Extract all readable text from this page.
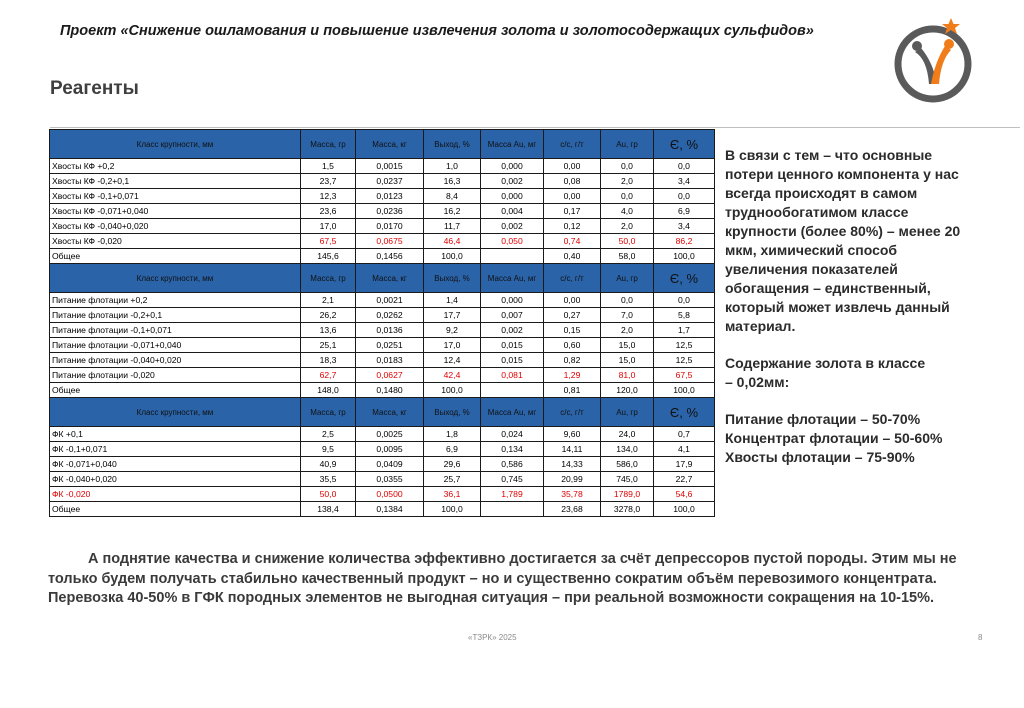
Проект «Снижение ошламования и повышение извлечения золота и золотосодержащих сульфидов»
Реагенты
Класс крупности, мм	Масса, гр	Масса, кг	Выход, %	Масса Au, мг	с/с, г/т	Au, гр	Є, %
Хвосты КФ +0,2	1,5	0,0015	1,0	0,000	0,00	0,0	0,0
Хвосты КФ -0,2+0,1	23,7	0,0237	16,3	0,002	0,08	2,0	3,4
Хвосты КФ -0,1+0,071	12,3	0,0123	8,4	0,000	0,00	0,0	0,0
Хвосты КФ -0,071+0,040	23,6	0,0236	16,2	0,004	0,17	4,0	6,9
Хвосты КФ -0,040+0,020	17,0	0,0170	11,7	0,002	0,12	2,0	3,4
Хвосты КФ -0,020	67,5	0,0675	46,4	0,050	0,74	50,0	86,2
Общее	145,6	0,1456	100,0		0,40	58,0	100,0
Класс крупности, мм	Масса, гр	Масса, кг	Выход, %	Масса Au, мг	с/с, г/т	Au, гр	Є, %
Питание флотации +0,2	2,1	0,0021	1,4	0,000	0,00	0,0	0,0
Питание флотации -0,2+0,1	26,2	0,0262	17,7	0,007	0,27	7,0	5,8
Питание флотации -0,1+0,071	13,6	0,0136	9,2	0,002	0,15	2,0	1,7
Питание флотации -0,071+0,040	25,1	0,0251	17,0	0,015	0,60	15,0	12,5
Питание флотации -0,040+0,020	18,3	0,0183	12,4	0,015	0,82	15,0	12,5
Питание флотации -0,020	62,7	0,0627	42,4	0,081	1,29	81,0	67,5
Общее	148,0	0,1480	100,0		0,81	120,0	100,0
Класс крупности, мм	Масса, гр	Масса, кг	Выход, %	Масса Au, мг	с/с, г/т	Au, гр	Є, %
ФК +0,1	2,5	0,0025	1,8	0,024	9,60	24,0	0,7
ФК -0,1+0,071	9,5	0,0095	6,9	0,134	14,11	134,0	4,1
ФК -0,071+0,040	40,9	0,0409	29,6	0,586	14,33	586,0	17,9
ФК -0,040+0,020	35,5	0,0355	25,7	0,745	20,99	745,0	22,7
ФК -0,020	50,0	0,0500	36,1	1,789	35,78	1789,0	54,6
Общее	138,4	0,1384	100,0		23,68	3278,0	100,0

В связи с тем – что основные
потери ценного компонента у нас
всегда происходят в самом
труднообогатимом классе
крупности (более 80%) – менее 20
мкм, химический способ
увеличения показателей
обогащения – единственный,
который может извлечь данный
материал.

Содержание золота в классе
– 0,02мм:

Питание флотации – 50-70%
Концентрат флотации – 50-60%
Хвосты флотации – 75-90%

А поднятие качества и снижение количества эффективно достигается за счёт депрессоров пустой породы. Этим мы не только будем получать стабильно качественный продукт – но и существенно сократим объём перевозимого концентрата. Перевозка 40-50% в ГФК породных элементов не выгодная ситуация – при реальной возможности сокращения на 10-15%.
«ТЗРК» 2025	8
